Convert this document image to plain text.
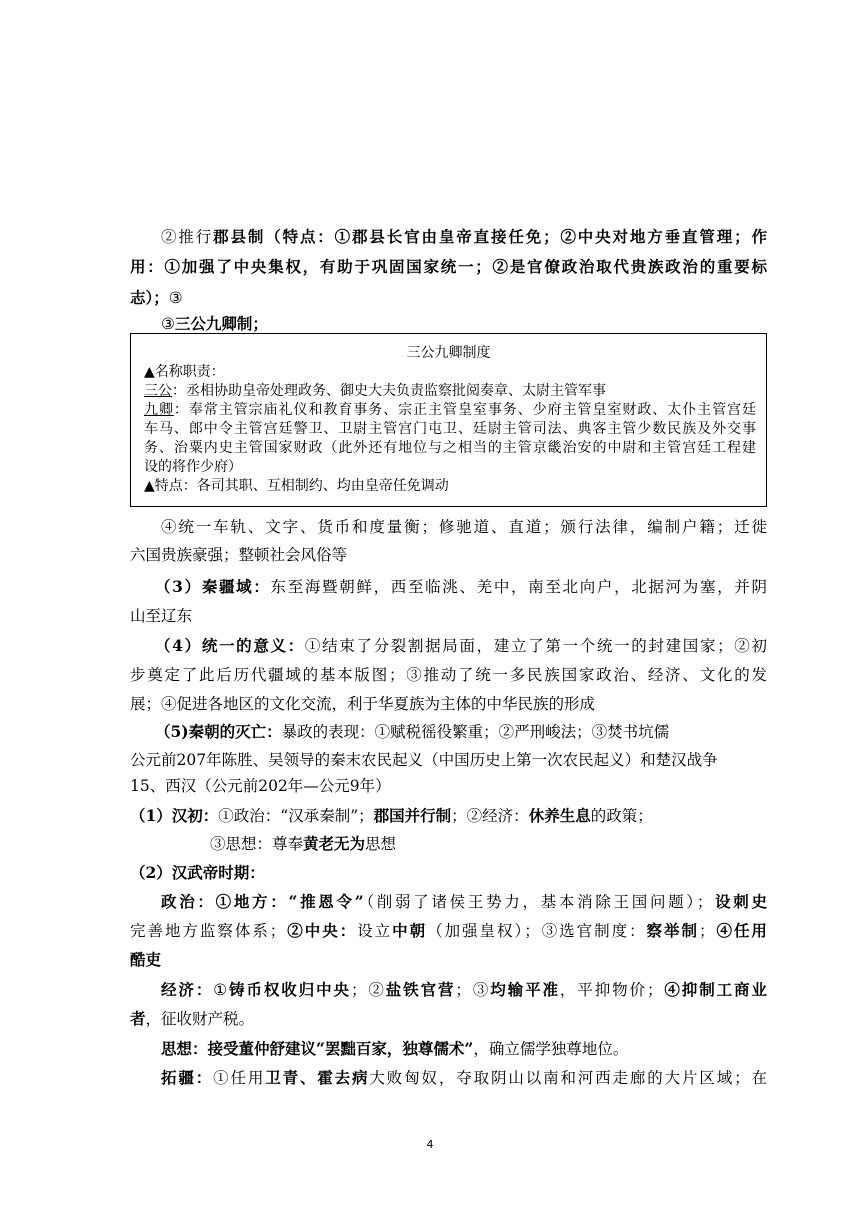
②推行郡县制（特点：①郡县长官由皇帝直接任免；②中央对地方垂直管理；作
用：①加强了中央集权，有助于巩固国家统一；②是官僚政治取代贵族政治的重要标
志）；③
③三公九卿制；
三公九卿制度
▲名称职责：
三公：丞相协助皇帝处理政务、御史大夫负责监察批阅奏章、太尉主管军事
九卿：奉常主管宗庙礼仪和教育事务、宗正主管皇室事务、少府主管皇室财政、太仆主管宫廷
车马、郎中令主管宫廷警卫、卫尉主管宫门屯卫、廷尉主管司法、典客主管少数民族及外交事
务、治粟内史主管国家财政（此外还有地位与之相当的主管京畿治安的中尉和主管宫廷工程建
设的将作少府）
▲特点：各司其职、互相制约、均由皇帝任免调动
④统一车轨、文字、货币和度量衡；修驰道、直道；颁行法律，编制户籍；迁徙
六国贵族豪强；整顿社会风俗等
（3）秦疆域：东至海暨朝鲜，西至临洮、羌中，南至北向户，北据河为塞，并阴
山至辽东
（4）统一的意义：①结束了分裂割据局面，建立了第一个统一的封建国家；②初
步奠定了此后历代疆域的基本版图；③推动了统一多民族国家政治、经济、文化的发
展；④促进各地区的文化交流，利于华夏族为主体的中华民族的形成
（5)秦朝的灭亡：暴政的表现：①赋税徭役繁重；②严刑峻法；③焚书坑儒
公元前207年陈胜、吴领导的秦末农民起义（中国历史上第一次农民起义）和楚汉战争
15、西汉（公元前202年—公元9年）
（1）汉初：①政治：“汉承秦制”；郡国并行制；②经济：休养生息的政策；
③思想：尊奉黄老无为思想
（2）汉武帝时期：
政治：①地方：“推恩令”（削弱了诸侯王势力，基本消除王国问题）；设刺史
完善地方监察体系；②中央：设立中朝（加强皇权）；③选官制度：察举制；④任用
酷吏
经济：①铸币权收归中央；②盐铁官营；③均输平准，平抑物价；④抑制工商业
者，征收财产税。
思想：接受董仲舒建议“罢黜百家，独尊儒术”，确立儒学独尊地位。
拓疆：①任用卫青、霍去病大败匈奴，夺取阴山以南和河西走廊的大片区域；在
4
